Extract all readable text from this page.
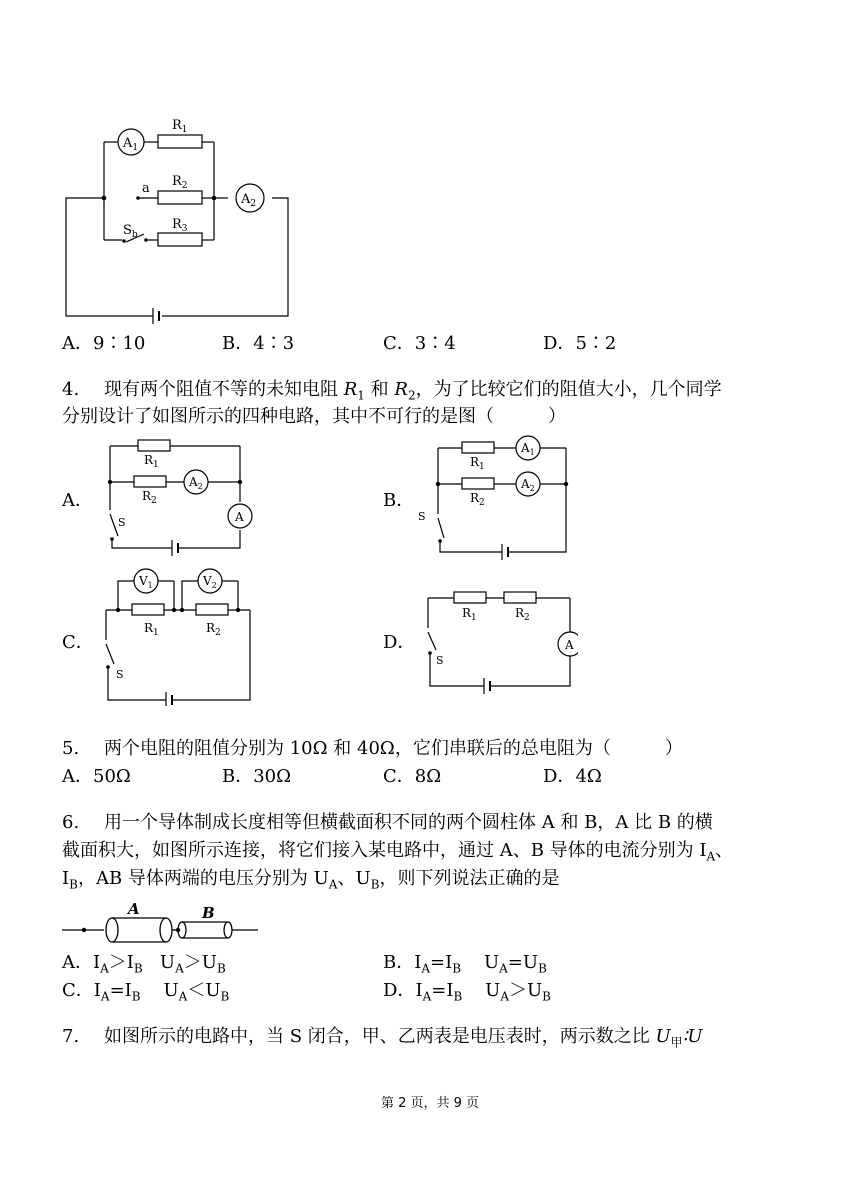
$A_1$
$A_2$
$R_1$
$R_2$
$R_3$
a
$S_b$
A．9∶10	B．4∶3	C．3∶4	D．5∶2
4. 现有两个阻值不等的未知电阻 $R_1$ 和 $R_2$，为了比较它们的阻值大小，几个同学
分别设计了如图所示的四种电路，其中不可行的是图（　　　）
A．	B．
C．	D．
$R_1$
$R_2$
$A_2$
A
S
$R_1$
$R_2$
$A_1$
$A_2$
S
$R_1$	$R_2$
$V_1$	$V_2$
S
$R_1$	$R_2$
A
S
5. 两个电阻的阻值分别为 10Ω 和 40Ω，它们串联后的总电阻为（　　　）
A．50Ω	B．30Ω	C．8Ω	D．4Ω
6. 用一个导体制成长度相等但横截面积不同的两个圆柱体 A 和 B，A 比 B 的横
截面积大，如图所示连接，将它们接入某电路中，通过 A、B 导体的电流分别为 $I_A$、
$I_B$，AB 导体两端的电压分别为 $U_A$、$U_B$，则下列说法正确的是
A	B
A．$I_A>I_B$ $U_A>U_B$	B．$I_A=I_B$ $U_A=U_B$
C．$I_A=I_B$ $U_A<U_B$	D．$I_A=I_B$ $U_A>U_B$
7. 如图所示的电路中，当 S 闭合，甲、乙两表是电压表时，两示数之比 $U_甲∶U$
第 2 页，共 9 页
